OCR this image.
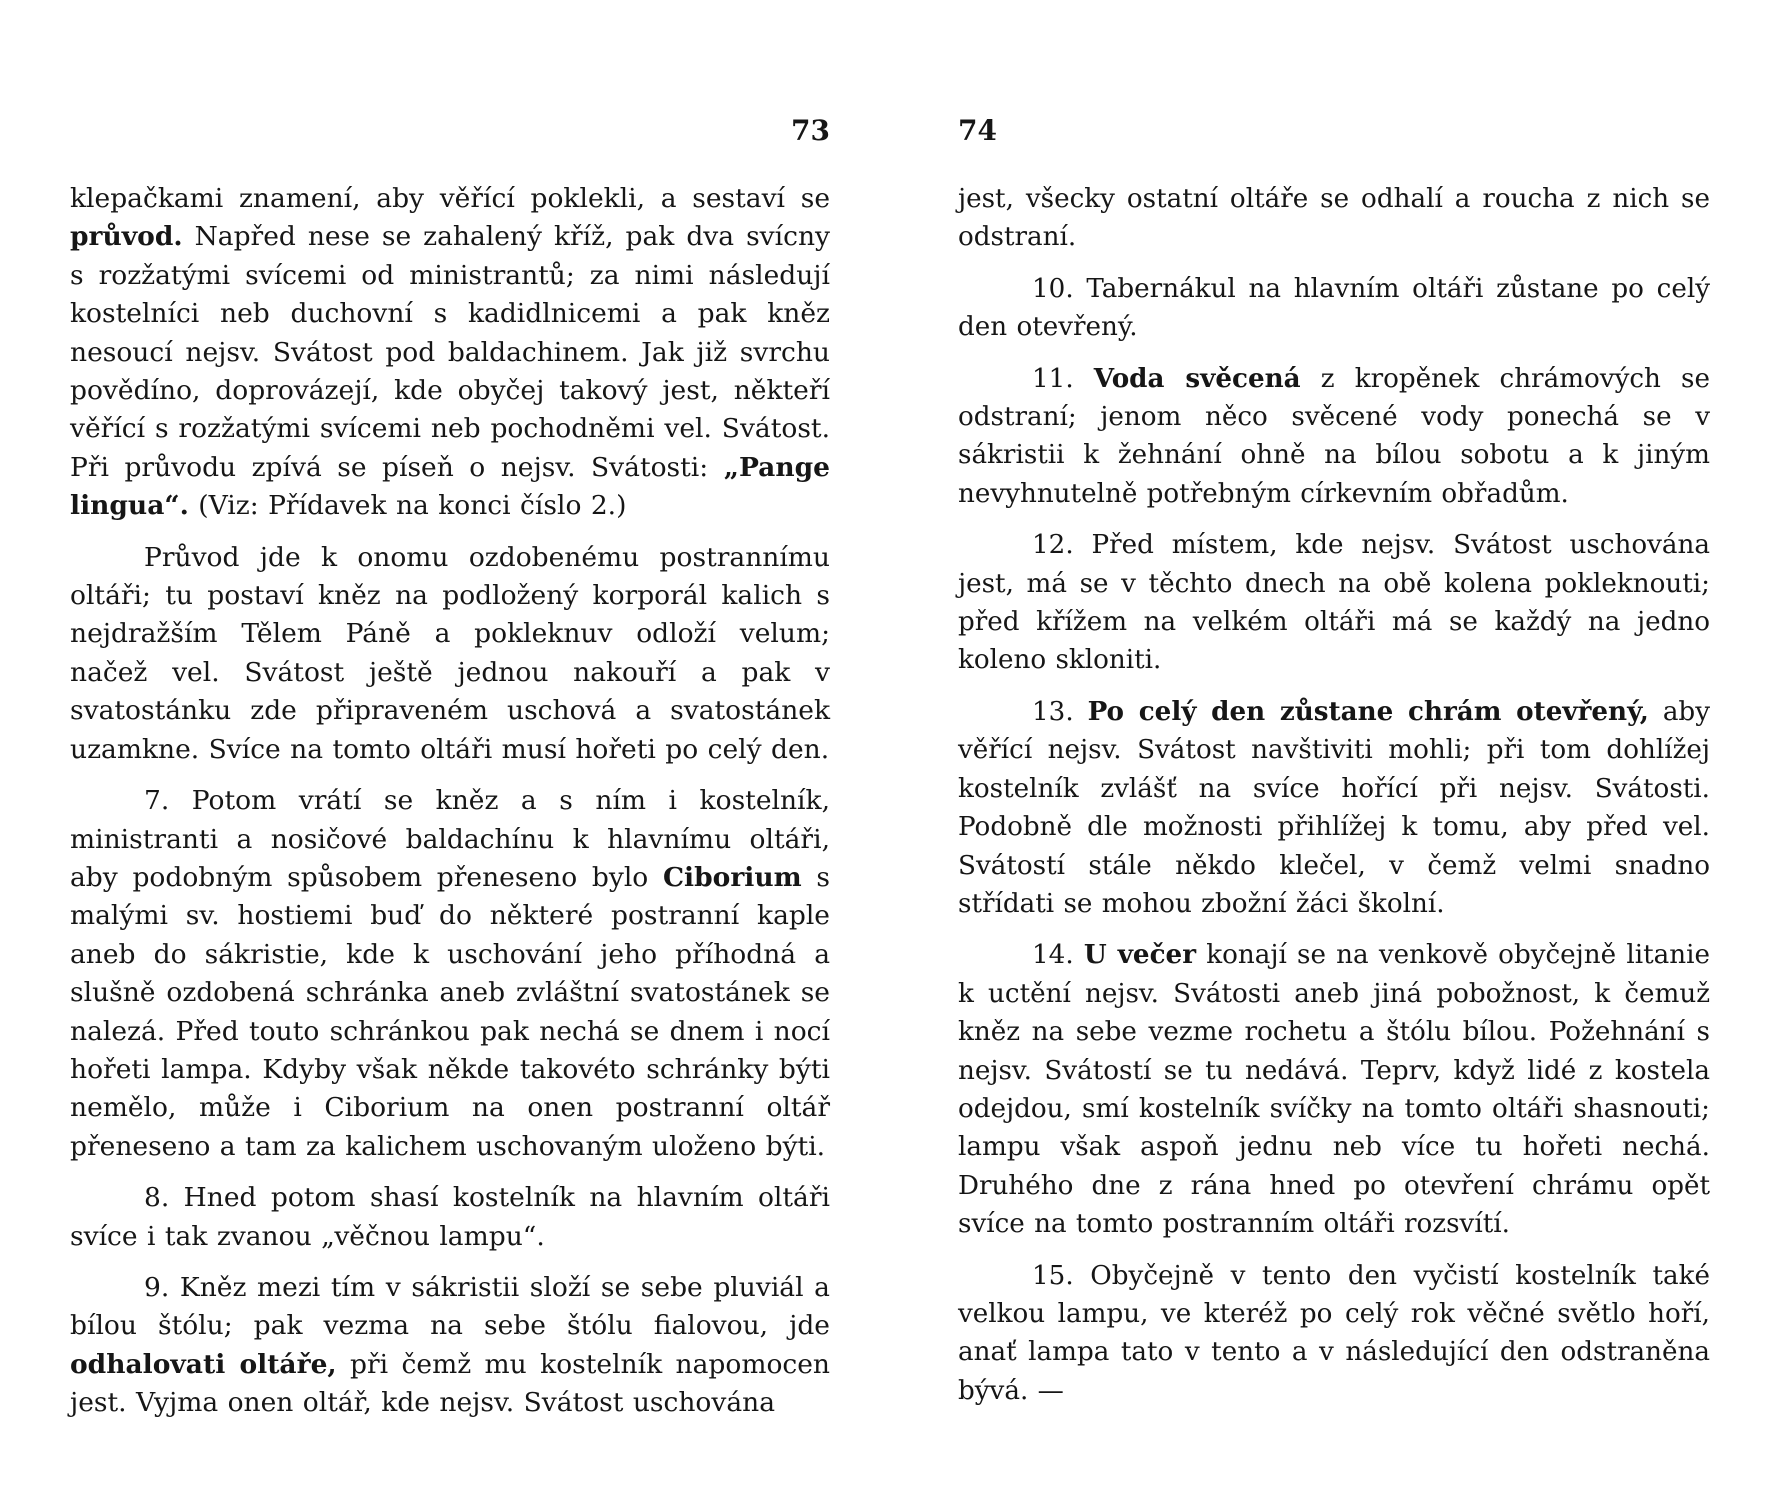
73

klepačkami znamení, aby věřící poklekli, a sestaví se průvod. Napřed nese se zahalený kříž, pak dva svícny s rozžatými svícemi od ministrantů; za nimi následují kostelníci neb duchovní s kadidlnicemi a pak kněz nesoucí nejsv. Svátost pod baldachinem. Jak již svrchu povědíno, doprovázejí, kde obyčej takový jest, někteří věřící s rozžatými svícemi neb pochodněmi vel. Svátost. Při průvodu zpívá se píseň o nejsv. Svátosti: „Pange lingua“. (Viz: Přídavek na konci číslo 2.)

Průvod jde k onomu ozdobenému postrannímu oltáři; tu postaví kněz na podložený korporál kalich s nejdražším Tělem Páně a pokleknuv odloží velum; načež vel. Svátost ještě jednou nakouří a pak v svatostánku zde připraveném uschová a svatostánek uzamkne. Svíce na tomto oltáři musí hořeti po celý den.

7. Potom vrátí se kněz a s ním i kostelník, ministranti a nosičové baldachínu k hlavnímu oltáři, aby podobným spůsobem přeneseno bylo Ciborium s malými sv. hostiemi buď do některé postranní kaple aneb do sákristie, kde k uschování jeho příhodná a slušně ozdobená schránka aneb zvláštní svatostánek se nalezá. Před touto schránkou pak nechá se dnem i nocí hořeti lampa. Kdyby však někde takovéto schránky býti nemělo, může i Ciborium na onen postranní oltář přeneseno a tam za kalichem uschovaným uloženo býti.

8. Hned potom shasí kostelník na hlavním oltáři svíce i tak zvanou „věčnou lampu“.

9. Kněz mezi tím v sákristii složí se sebe pluviál a bílou štólu; pak vezma na sebe štólu fialovou, jde odhalovati oltáře, při čemž mu kostelník napomocen jest. Vyjma onen oltář, kde nejsv. Svátost uschována

74

jest, všecky ostatní oltáře se odhalí a roucha z nich se odstraní.

10. Tabernákul na hlavním oltáři zůstane po celý den otevřený.

11. Voda svěcená z kropěnek chrámových se odstraní; jenom něco svěcené vody ponechá se v sákristii k žehnání ohně na bílou sobotu a k jiným nevyhnutelně potřebným církevním obřadům.

12. Před místem, kde nejsv. Svátost uschována jest, má se v těchto dnech na obě kolena pokleknouti; před křížem na velkém oltáři má se každý na jedno koleno skloniti.

13. Po celý den zůstane chrám otevřený, aby věřící nejsv. Svátost navštiviti mohli; při tom dohlížej kostelník zvlášť na svíce hořící při nejsv. Svátosti. Podobně dle možnosti přihlížej k tomu, aby před vel. Svátostí stále někdo klečel, v čemž velmi snadno střídati se mohou zbožní žáci školní.

14. U večer konají se na venkově obyčejně litanie k uctění nejsv. Svátosti aneb jiná pobožnost, k čemuž kněz na sebe vezme rochetu a štólu bílou. Požehnání s nejsv. Svátostí se tu nedává. Teprv, když lidé z kostela odejdou, smí kostelník svíčky na tomto oltáři shasnouti; lampu však aspoň jednu neb více tu hořeti nechá. Druhého dne z rána hned po otevření chrámu opět svíce na tomto postranním oltáři rozsvítí.

15. Obyčejně v tento den vyčistí kostelník také velkou lampu, ve kteréž po celý rok věčné světlo hoří, anať lampa tato v tento a v následující den odstraněna bývá. —
